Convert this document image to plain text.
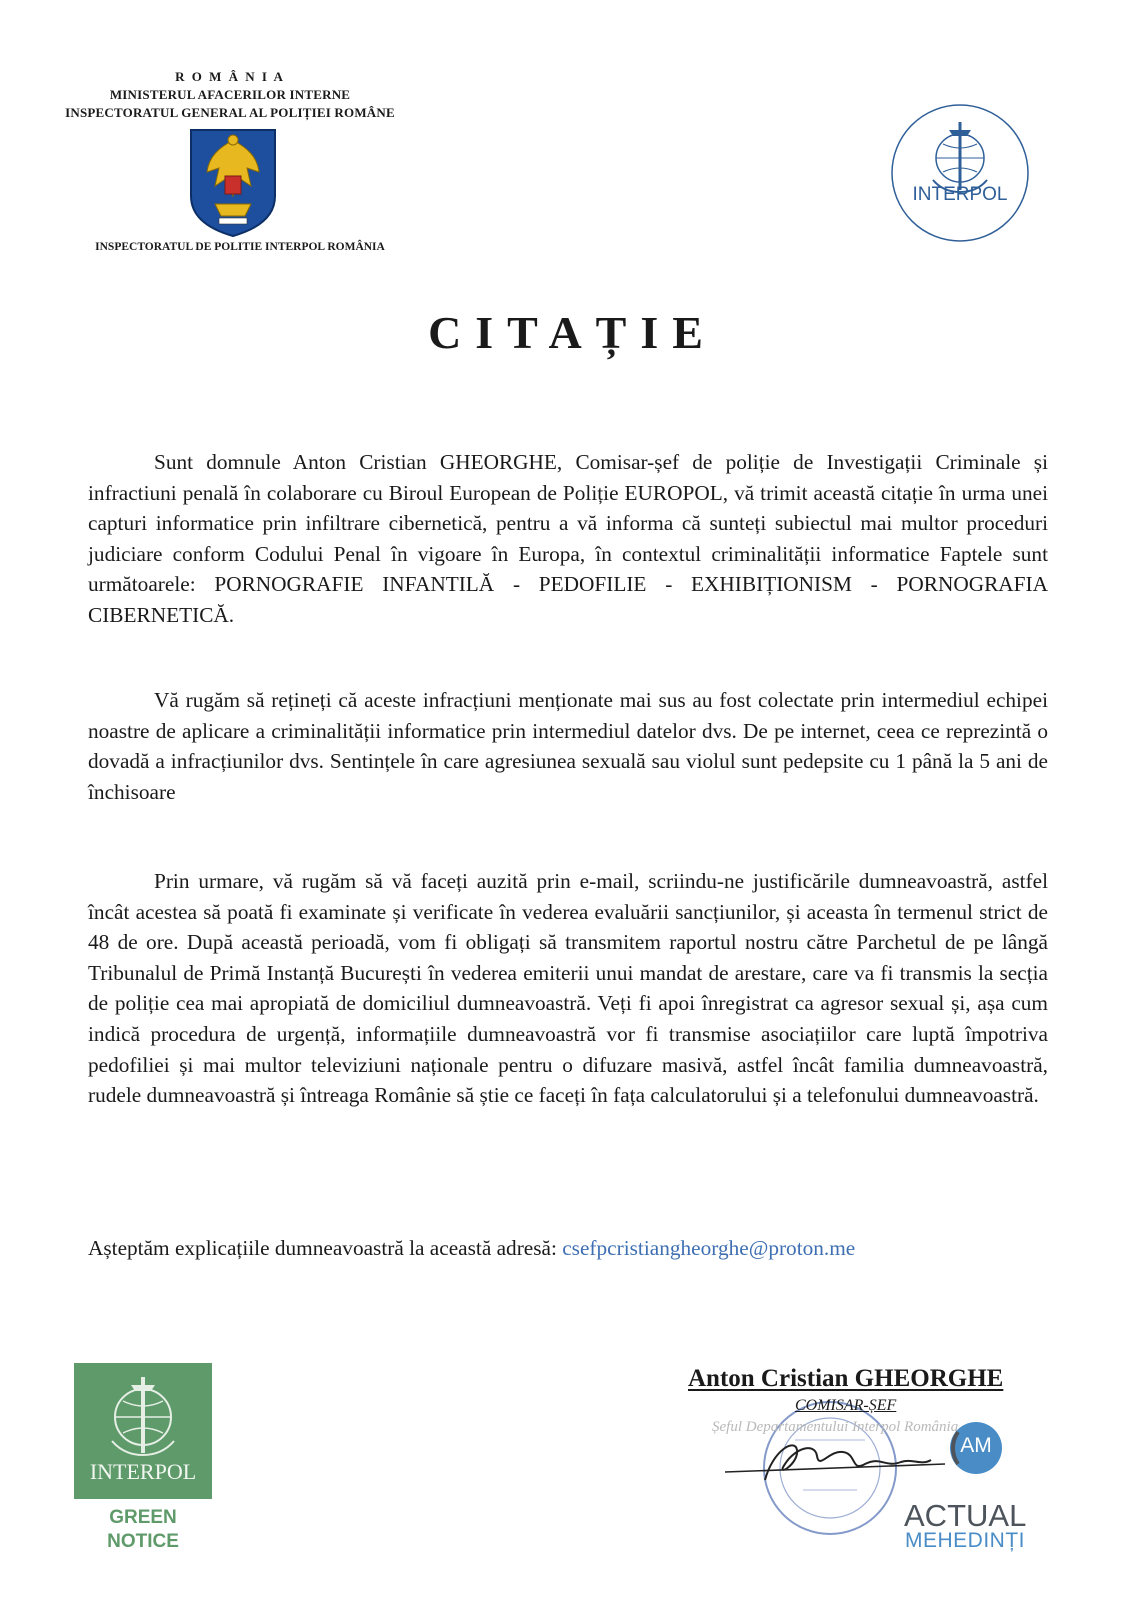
R O M Â N I A
MINISTERUL AFACERILOR INTERNE
INSPECTORATUL GENERAL AL POLIȚIEI ROMÂNE
INSPECTORATUL DE POLITIE INTERPOL ROMÂNIA
INTERPOL
CITAȚIE
Sunt domnule Anton Cristian GHEORGHE, Comisar-șef de poliție de Investigații Criminale și infractiuni penală în colaborare cu Biroul European de Poliție EUROPOL, vă trimit această citație în urma unei capturi informatice prin infiltrare cibernetică, pentru a vă informa că sunteți subiectul mai multor proceduri judiciare conform Codului Penal în vigoare în Europa, în contextul criminalității informatice Faptele sunt următoarele: PORNOGRAFIE INFANTILĂ - PEDOFILIE - EXHIBIȚIONISM - PORNOGRAFIA CIBERNETICĂ.
Vă rugăm să rețineți că aceste infracțiuni menționate mai sus au fost colectate prin intermediul echipei noastre de aplicare a criminalității informatice prin intermediul datelor dvs. De pe internet, ceea ce reprezintă o dovadă a infracțiunilor dvs. Sentințele în care agresiunea sexuală sau violul sunt pedepsite cu 1 până la 5 ani de închisoare
Prin urmare, vă rugăm să vă faceți auzită prin e-mail, scriindu-ne justificările dumneavoastră, astfel încât acestea să poată fi examinate și verificate în vederea evaluării sancțiunilor, și aceasta în termenul strict de 48 de ore. După această perioadă, vom fi obligați să transmitem raportul nostru către Parchetul de pe lângă Tribunalul de Primă Instanță București în vederea emiterii unui mandat de arestare, care va fi transmis la secția de poliție cea mai apropiată de domiciliul dumneavoastră. Veți fi apoi înregistrat ca agresor sexual și, așa cum indică procedura de urgență, informațiile dumneavoastră vor fi transmise asociațiilor care luptă împotriva pedofiliei și mai multor televiziuni naționale pentru o difuzare masivă, astfel încât familia dumneavoastră, rudele dumneavoastră și întreaga Românie să știe ce faceți în fața calculatorului și a telefonului dumneavoastră.
Așteptăm explicațiile dumneavoastră la această adresă: csefpcristiangheorghe@proton.me
INTERPOL
GREEN
NOTICE
Șeful Departamentului Interpol România
Anton Cristian GHEORGHE
COMISAR-ȘEF
AM
ACTUAL
MEHEDINȚI
